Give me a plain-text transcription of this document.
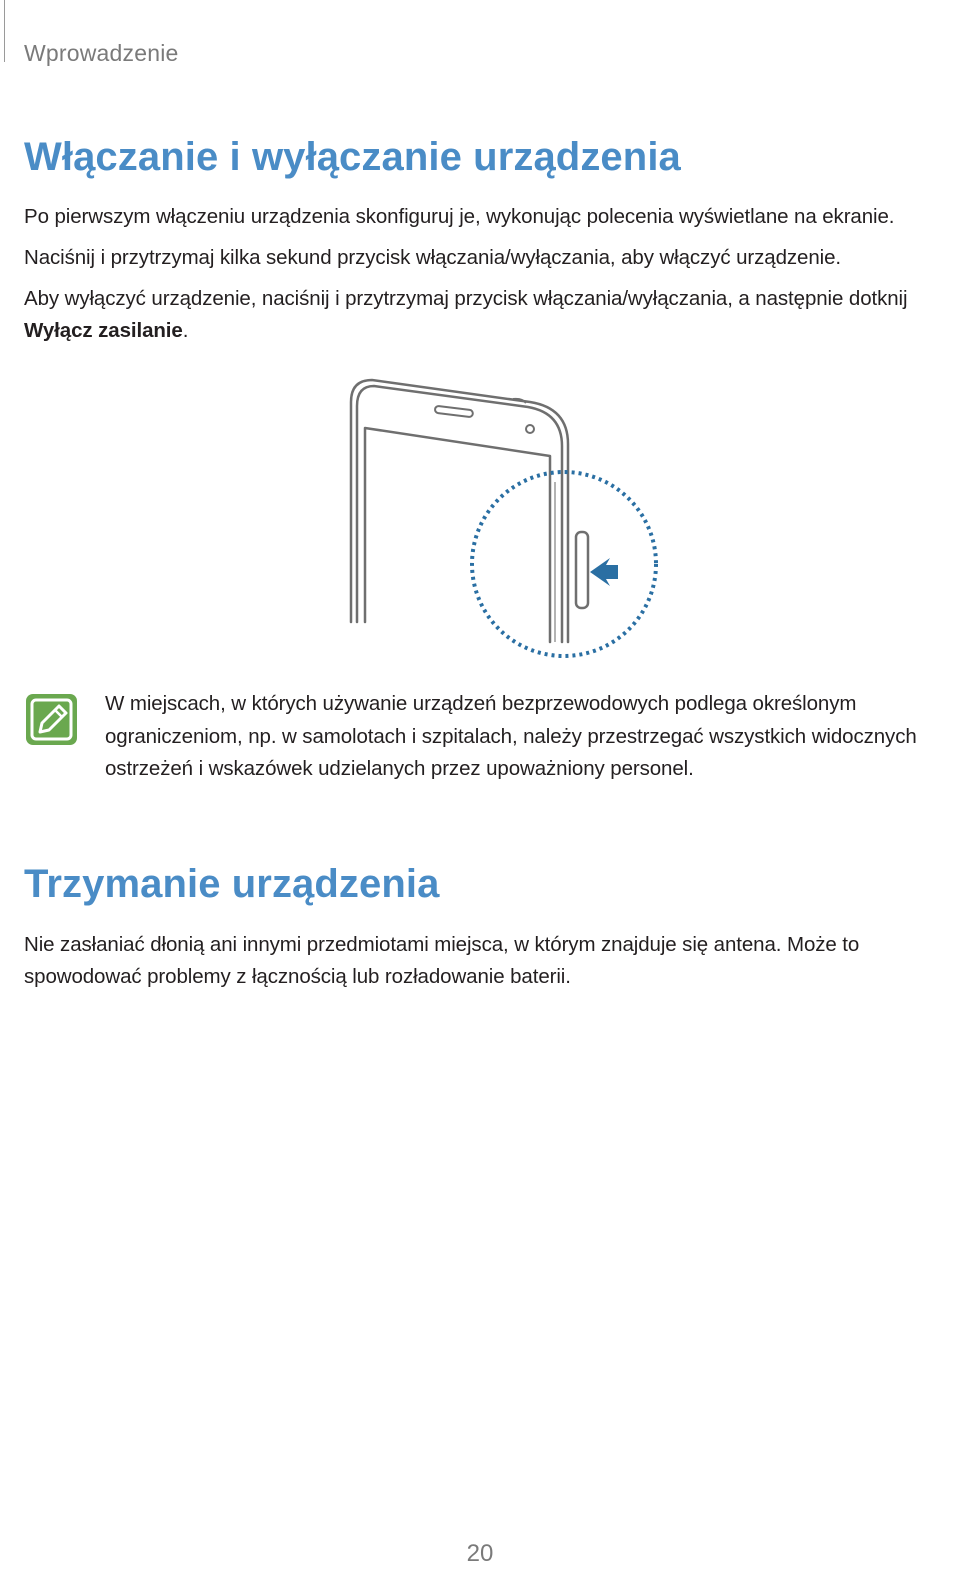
Wprowadzenie
Włączanie i wyłączanie urządzenia

Po pierwszym włączeniu urządzenia skonfiguruj je, wykonując polecenia wyświetlane na ekranie.

Naciśnij i przytrzymaj kilka sekund przycisk włączania/wyłączania, aby włączyć urządzenie.

Aby wyłączyć urządzenie, naciśnij i przytrzymaj przycisk włączania/wyłączania, a następnie dotknij Wyłącz zasilanie.

W miejscach, w których używanie urządzeń bezprzewodowych podlega określonym ograniczeniom, np. w samolotach i szpitalach, należy przestrzegać wszystkich widocznych ostrzeżeń i wskazówek udzielanych przez upoważniony personel.

Trzymanie urządzenia

Nie zasłaniać dłonią ani innymi przedmiotami miejsca, w którym znajduje się antena. Może to spowodować problemy z łącznością lub rozładowanie baterii.

20
